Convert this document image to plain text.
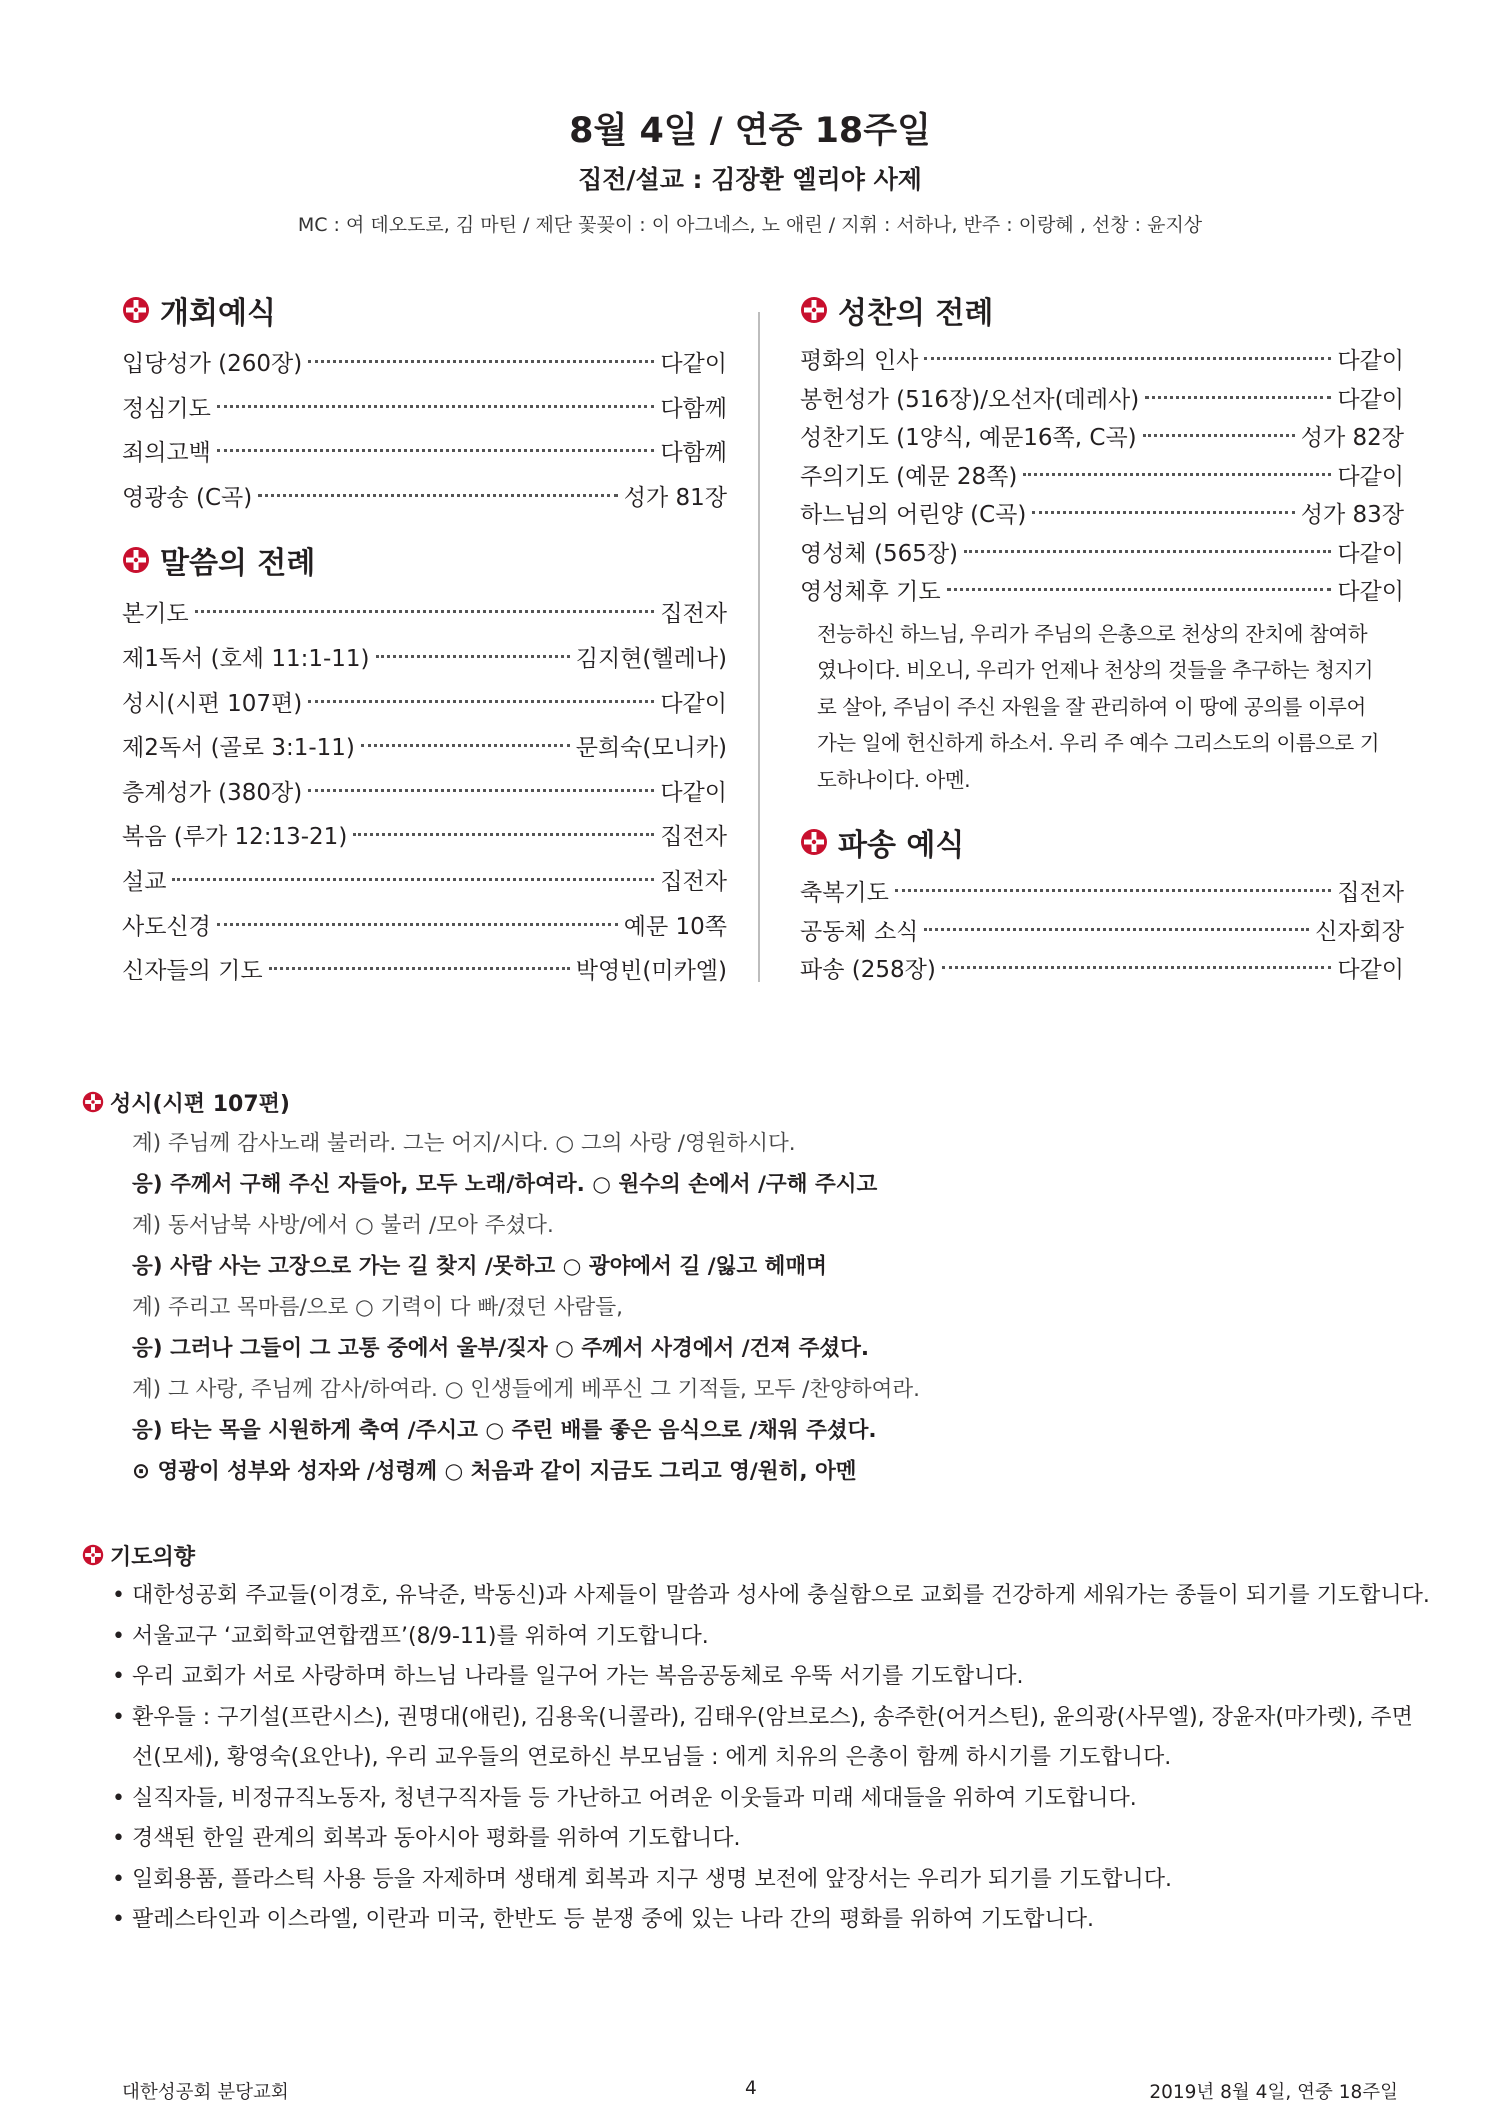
8월 4일 / 연중 18주일
집전/설교 : 김장환 엘리야 사제
MC : 여 데오도로, 김 마틴 / 제단 꽃꽂이 : 이 아그네스, 노 애린 / 지휘 : 서하나, 반주 : 이랑혜 , 선창 : 윤지상
개회예식
입당성가 (260장)	다같이
정심기도	다함께
죄의고백	다함께
영광송 (C곡)	성가 81장
말씀의 전례
본기도	집전자
제1독서 (호세 11:1-11)	김지현(헬레나)
성시(시편 107편)	다같이
제2독서 (골로 3:1-11)	문희숙(모니카)
층계성가 (380장)	다같이
복음 (루가 12:13-21)	집전자
설교	집전자
사도신경	예문 10쪽
신자들의 기도	박영빈(미카엘)
성찬의 전례
평화의 인사	다같이
봉헌성가 (516장)/오선자(데레사)	다같이
성찬기도 (1양식, 예문16쪽, C곡)	성가 82장
주의기도 (예문 28쪽)	다같이
하느님의 어린양 (C곡)	성가 83장
영성체 (565장)	다같이
영성체후 기도	다같이
전능하신 하느님, 우리가 주님의 은총으로 천상의 잔치에 참여하
였나이다. 비오니, 우리가 언제나 천상의 것들을 추구하는 청지기
로 살아, 주님이 주신 자원을 잘 관리하여 이 땅에 공의를 이루어
가는 일에 헌신하게 하소서. 우리 주 예수 그리스도의 이름으로 기
도하나이다. 아멘.
파송 예식
축복기도	집전자
공동체 소식	신자회장
파송 (258장)	다같이
성시(시편 107편)
계) 주님께 감사노래 불러라. 그는 어지/시다. ○ 그의 사랑 /영원하시다.
응) 주께서 구해 주신 자들아, 모두 노래/하여라. ○ 원수의 손에서 /구해 주시고
계) 동서남북 사방/에서 ○ 불러 /모아 주셨다.
응) 사람 사는 고장으로 가는 길 찾지 /못하고 ○ 광야에서 길 /잃고 헤매며
계) 주리고 목마름/으로 ○ 기력이 다 빠/졌던 사람들,
응) 그러나 그들이 그 고통 중에서 울부/짖자 ○ 주께서 사경에서 /건져 주셨다.
계) 그 사랑, 주님께 감사/하여라. ○ 인생들에게 베푸신 그 기적들, 모두 /찬양하여라.
응) 타는 목을 시원하게 축여 /주시고 ○ 주린 배를 좋은 음식으로 /채워 주셨다.
⊙ 영광이 성부와 성자와 /성령께 ○ 처음과 같이 지금도 그리고 영/원히, 아멘
기도의향
• 대한성공회 주교들(이경호, 유낙준, 박동신)과 사제들이 말씀과 성사에 충실함으로 교회를 건강하게 세워가는 종들이 되기를 기도합니다.
• 서울교구 ‘교회학교연합캠프’(8/9-11)를 위하여 기도합니다.
• 우리 교회가 서로 사랑하며 하느님 나라를 일구어 가는 복음공동체로 우뚝 서기를 기도합니다.
• 환우들 : 구기설(프란시스), 권명대(애린), 김용욱(니콜라), 김태우(암브로스), 송주한(어거스틴), 윤의광(사무엘), 장윤자(마가렛), 주면선(모세), 황영숙(요안나), 우리 교우들의 연로하신 부모님들 : 에게 치유의 은총이 함께 하시기를 기도합니다.
• 실직자들, 비정규직노동자, 청년구직자들 등 가난하고 어려운 이웃들과 미래 세대들을 위하여 기도합니다.
• 경색된 한일 관계의 회복과 동아시아 평화를 위하여 기도합니다.
• 일회용품, 플라스틱 사용 등을 자제하며 생태계 회복과 지구 생명 보전에 앞장서는 우리가 되기를 기도합니다.
• 팔레스타인과 이스라엘, 이란과 미국, 한반도 등 분쟁 중에 있는 나라 간의 평화를 위하여 기도합니다.
대한성공회 분당교회	4	2019년 8월 4일, 연중 18주일
